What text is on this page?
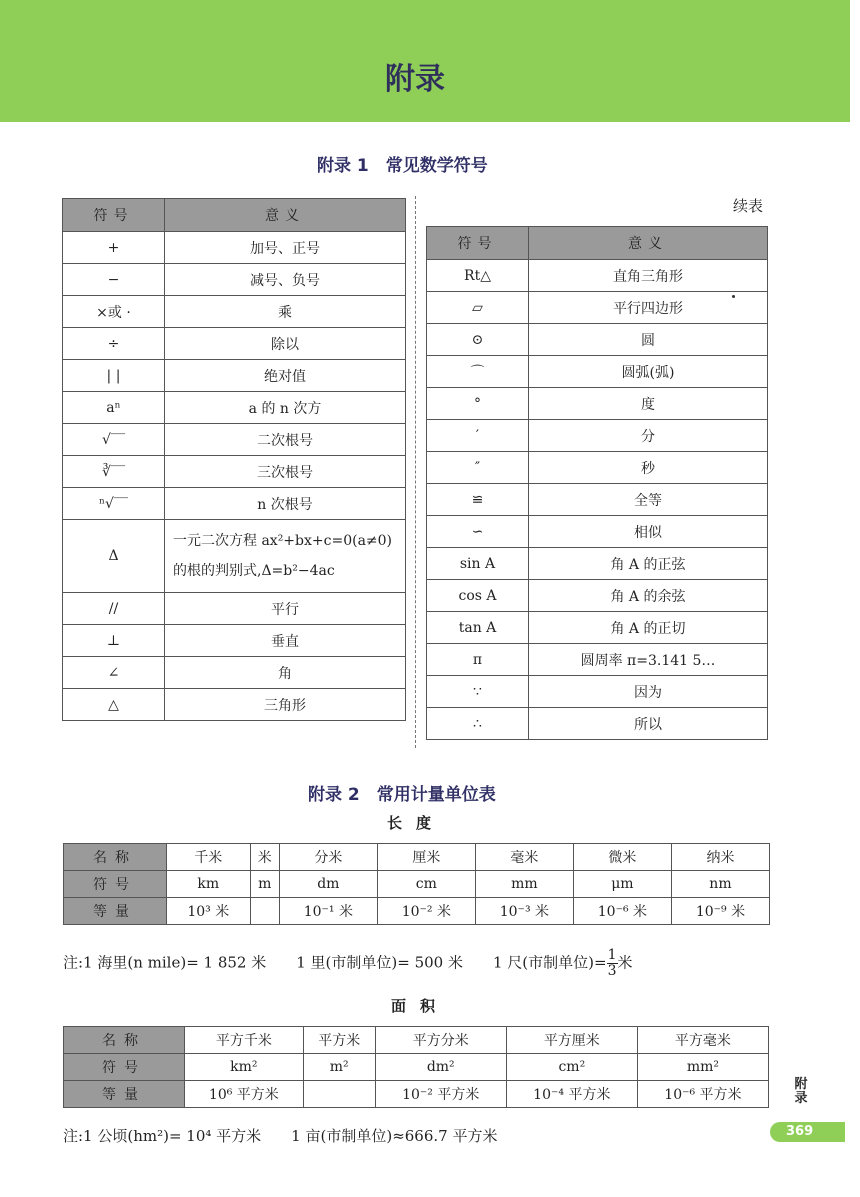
附录
附录 1　常见数学符号
续表
符号	意义
+	加号、正号
−	减号、负号
×或 ·	乘
÷	除以
| |	绝对值
aⁿ	a 的 n 次方
√‾‾	二次根号
∛‾‾	三次根号
ⁿ√‾‾	n 次根号
Δ	一元二次方程 ax²+bx+c=0(a≠0) 的根的判别式,Δ=b²−4ac
//	平行
⊥	垂直
∠	角
△	三角形
符号	意义
Rt△	直角三角形
▱	平行四边形
⊙	圆
⌒	圆弧(弧)
°	度
′	分
″	秒
≌	全等
∽	相似
sin A	角 A 的正弦
cos A	角 A 的余弦
tan A	角 A 的正切
π	圆周率 π=3.141 5…
∵	因为
∴	所以
附录 2　常用计量单位表
长度
名称	千米	米	分米	厘米	毫米	微米	纳米
符号	km	m	dm	cm	mm	μm	nm
等量	10³ 米		10⁻¹ 米	10⁻² 米	10⁻³ 米	10⁻⁶ 米	10⁻⁹ 米
注:1 海里(n mile)= 1 852 米　　1 里(市制单位)= 500 米　　1 尺(市制单位)= $\frac{1}{3}$ 米
面积
名称	平方千米	平方米	平方分米	平方厘米	平方毫米
符号	km²	m²	dm²	cm²	mm²
等量	10⁶ 平方米		10⁻² 平方米	10⁻⁴ 平方米	10⁻⁶ 平方米
注:1 公顷(hm²)= 10⁴ 平方米　　1 亩(市制单位)≈666.7 平方米
附录
369
